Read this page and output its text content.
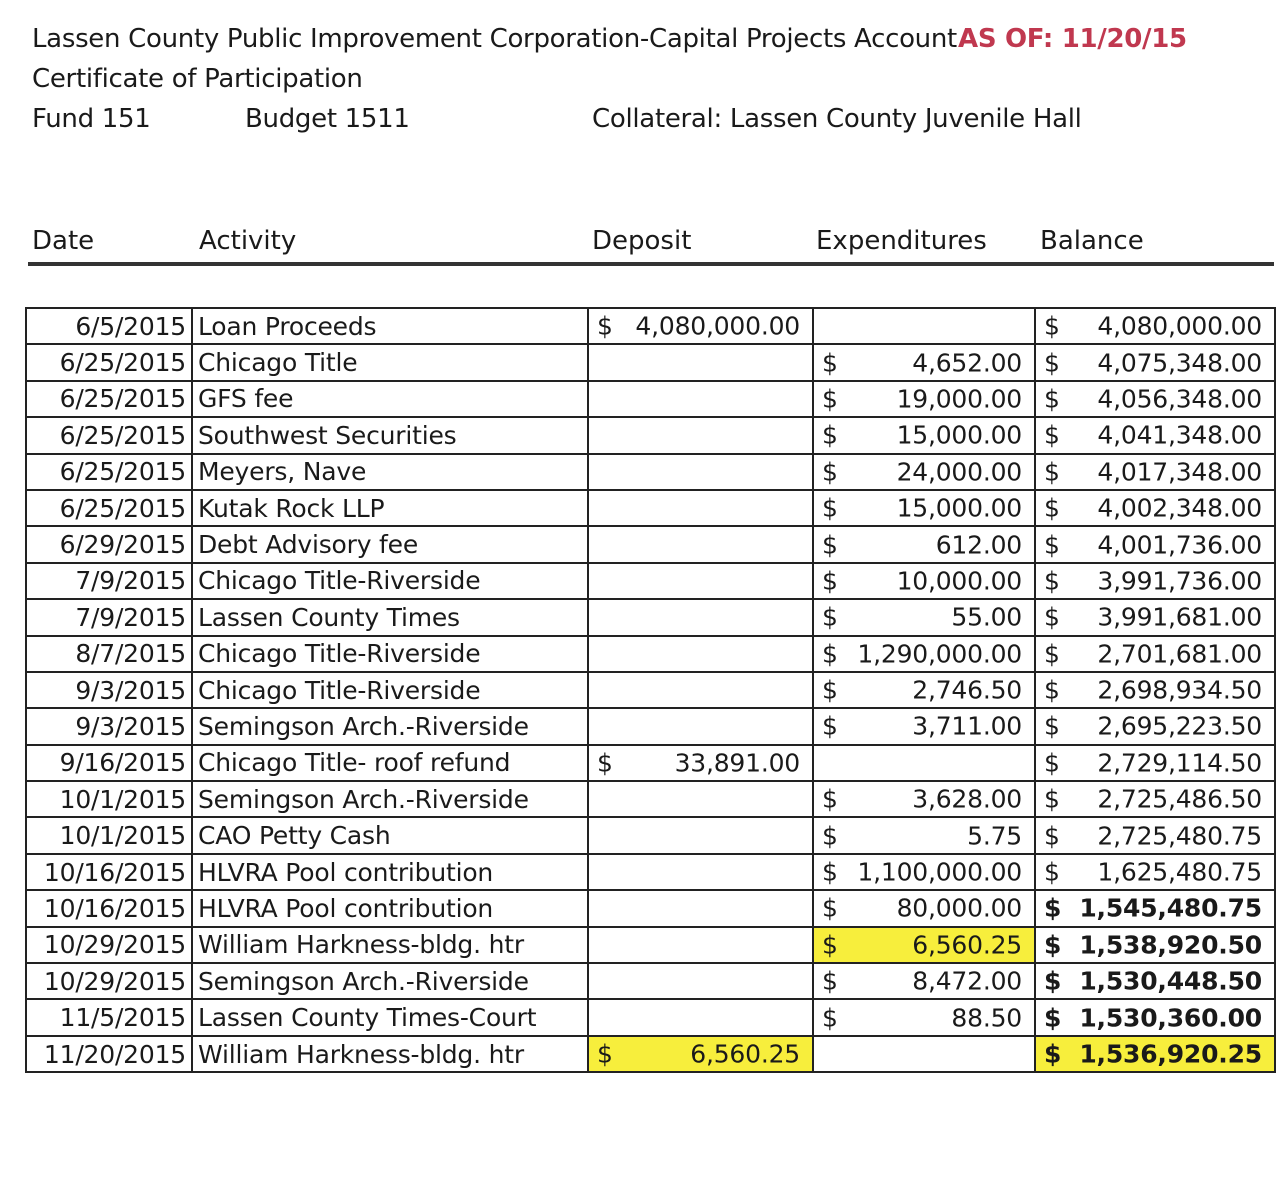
Lassen County Public Improvement Corporation-Capital Projects Account AS OF: 11/20/15
Certificate of Participation
Fund 151	Budget 1511	Collateral: Lassen County Juvenile Hall
Date	Activity	Deposit	Expenditures Balance
6/5/2015	Loan Proceeds	$ 4,080,000.00		$ 4,080,000.00

6/25/2015	Chicago Title		$ 4,652.00	$ 4,075,348.00

6/25/2015	GFS fee		$ 19,000.00	$ 4,056,348.00

6/25/2015	Southwest Securities		$ 15,000.00	$ 4,041,348.00

6/25/2015	Meyers, Nave		$ 24,000.00	$ 4,017,348.00

6/25/2015	Kutak Rock LLP		$ 15,000.00	$ 4,002,348.00

6/29/2015	Debt Advisory fee		$ 612.00	$ 4,001,736.00

7/9/2015	Chicago Title-Riverside		$ 10,000.00	$ 3,991,736.00

7/9/2015	Lassen County Times		$ 55.00	$ 3,991,681.00

8/7/2015	Chicago Title-Riverside		$ 1,290,000.00	$ 2,701,681.00

9/3/2015	Chicago Title-Riverside		$ 2,746.50	$ 2,698,934.50

9/3/2015	Semingson Arch.-Riverside		$ 3,711.00	$ 2,695,223.50

9/16/2015	Chicago Title- roof refund	$ 33,891.00		$ 2,729,114.50

10/1/2015	Semingson Arch.-Riverside		$ 3,628.00	$ 2,725,486.50

10/1/2015	CAO Petty Cash		$ 5.75	$ 2,725,480.75

10/16/2015	HLVRA Pool contribution		$ 1,100,000.00	$ 1,625,480.75

10/16/2015	HLVRA Pool contribution		$ 80,000.00	$ 1,545,480.75

10/29/2015	William Harkness-bldg. htr		$ 6,560.25	$ 1,538,920.50

10/29/2015	Semingson Arch.-Riverside		$ 8,472.00	$ 1,530,448.50

11/5/2015	Lassen County Times-Court		$ 88.50	$ 1,530,360.00

11/20/2015	William Harkness-bldg. htr	$ 6,560.25		$ 1,536,920.25
